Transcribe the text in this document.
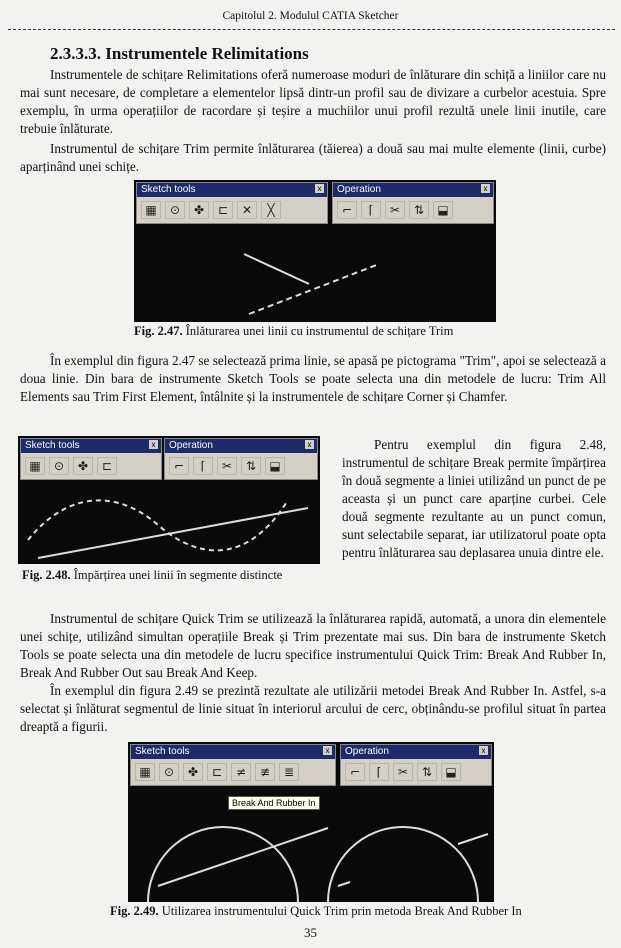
Capitolul 2. Modulul CATIA Sketcher
2.3.3.3. Instrumentele Relimitations

Instrumentele de schițare Relimitations oferă numeroase moduri de înlăturare din schiță a liniilor care nu mai sunt necesare, de completare a elementelor lipsă dintr-un profil sau de divizare a curbelor acestuia. Spre exemplu, în urma operațiilor de racordare și teșire a muchiilor unui profil rezultă unele linii inutile, care trebuie înlăturate.

Instrumentul de schițare Trim permite înlăturarea (tăierea) a două sau mai multe elemente (linii, curbe) aparținând unei schițe.

Sketch tools	x
▦	⊙	✤	⊏	✕	╳
Operation	x
⌐	⌈	✂	⇅	⬓
Fig. 2.47. Înlăturarea unei linii cu instrumentul de schițare Trim

În exemplul din figura 2.47 se selectează prima linie, se apasă pe pictograma "Trim", apoi se selectează a doua linie. Din bara de instrumente Sketch Tools se poate selecta una din metodele de lucru: Trim All Elements sau Trim First Element, întâlnite și la instrumentele de schițare Corner și Chamfer.

Sketch tools	x
▦	⊙	✤	⊏
Operation	x
⌐	⌈	✂	⇅	⬓
Fig. 2.48. Împărțirea unei linii în segmente distincte

Pentru exemplul din figura 2.48, instrumentul de schițare Break permite împărțirea în două segmente a liniei utilizând un punct de pe aceasta și un punct care aparține curbei. Cele două segmente rezultante au un punct comun, sunt selectabile separat, iar utilizatorul poate opta pentru înlăturarea sau deplasarea unuia dintre ele.

Instrumentul de schițare Quick Trim se utilizează la înlăturarea rapidă, automată, a unora din elementele unei schițe, utilizând simultan operațiile Break și Trim prezentate mai sus. Din bara de instrumente Sketch Tools se poate selecta una din metodele de lucru specifice instrumentului Quick Trim: Break And Rubber In, Break And Rubber Out sau Break And Keep.

În exemplul din figura 2.49 se prezintă rezultate ale utilizării metodei Break And Rubber In. Astfel, s-a selectat și înlăturat segmentul de linie situat în interiorul arcului de cerc, obținându-se profilul situat în partea dreaptă a figurii.

Sketch tools	x
▦	⊙	✤	⊏	≠	≢	≣
Operation	x
⌐	⌈	✂	⇅	⬓
Break And Rubber In
Fig. 2.49. Utilizarea instrumentului Quick Trim prin metoda Break And Rubber In
35
